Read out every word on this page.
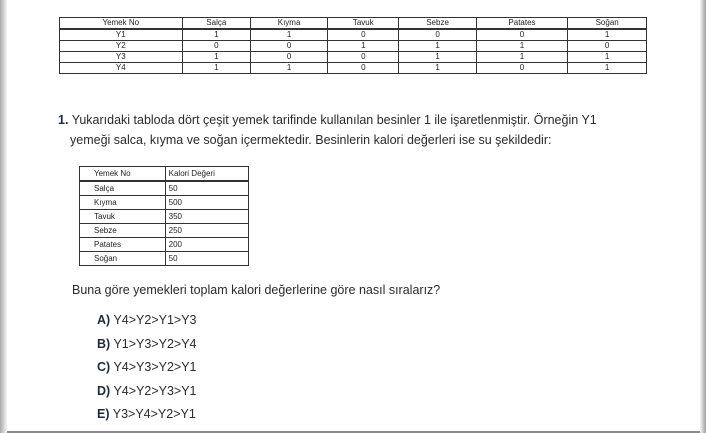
Yemek No	Salça	Kıyma	Tavuk	Sebze	Patates	Soğan
Y1	1	1	0	0	0	1
Y2	0	0	1	1	1	0
Y3	1	0	0	1	1	1
Y4	1	1	0	1	0	1
1. Yukarıdaki tabloda dört çeşit yemek tarifinde kullanılan besinler 1 ile işaretlenmiştir. Örneğin Y1
yemeği salca, kıyma ve soğan içermektedir. Besinlerin kalori değerleri ise su şekildedir:
Yemek No	Kalori Değeri
Salça	50
Kıyma	500
Tavuk	350
Sebze	250
Patates	200
Soğan	50
Buna göre yemekleri toplam kalori değerlerine göre nasıl sıralarız?
A) Y4>Y2>Y1>Y3
B) Y1>Y3>Y2>Y4
C) Y4>Y3>Y2>Y1
D) Y4>Y2>Y3>Y1
E) Y3>Y4>Y2>Y1
